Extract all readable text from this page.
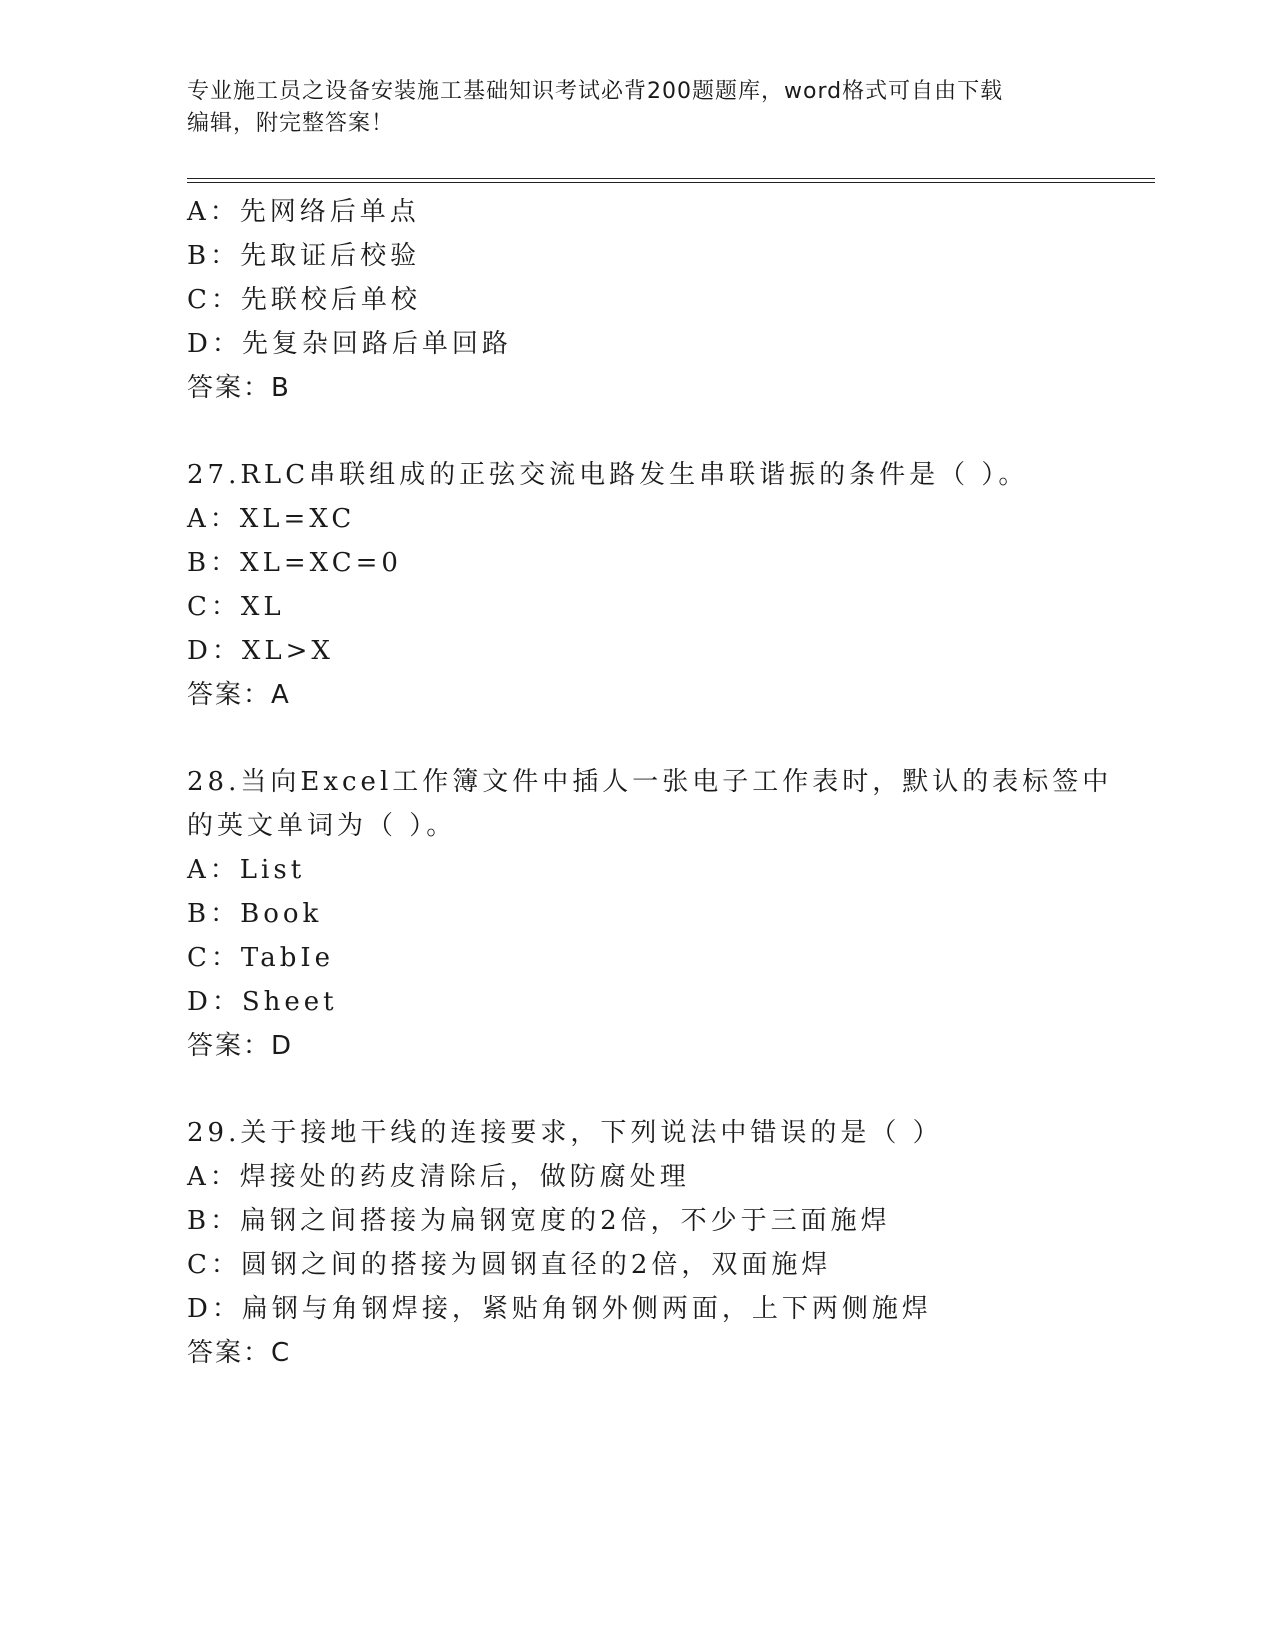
专业施工员之设备安装施工基础知识考试必背200题题库，word格式可自由下载
编辑，附完整答案！
A：先网络后单点
B：先取证后校验
C：先联校后单校
D：先复杂回路后单回路
答案：B
27.RLC串联组成的正弦交流电路发生串联谐振的条件是（ ）。
A：XL=XC
B：XL=XC=0
C：XL
D：XL>X
答案：A
28.当向Excel工作簿文件中插人一张电子工作表时，默认的表标签中
的英文单词为（ ）。
A：List
B：Book
C：TabIe
D：Sheet
答案：D
29.关于接地干线的连接要求，下列说法中错误的是（ ）
A：焊接处的药皮清除后，做防腐处理
B：扁钢之间搭接为扁钢宽度的2倍，不少于三面施焊
C：圆钢之间的搭接为圆钢直径的2倍，双面施焊
D：扁钢与角钢焊接，紧贴角钢外侧两面，上下两侧施焊
答案：C
